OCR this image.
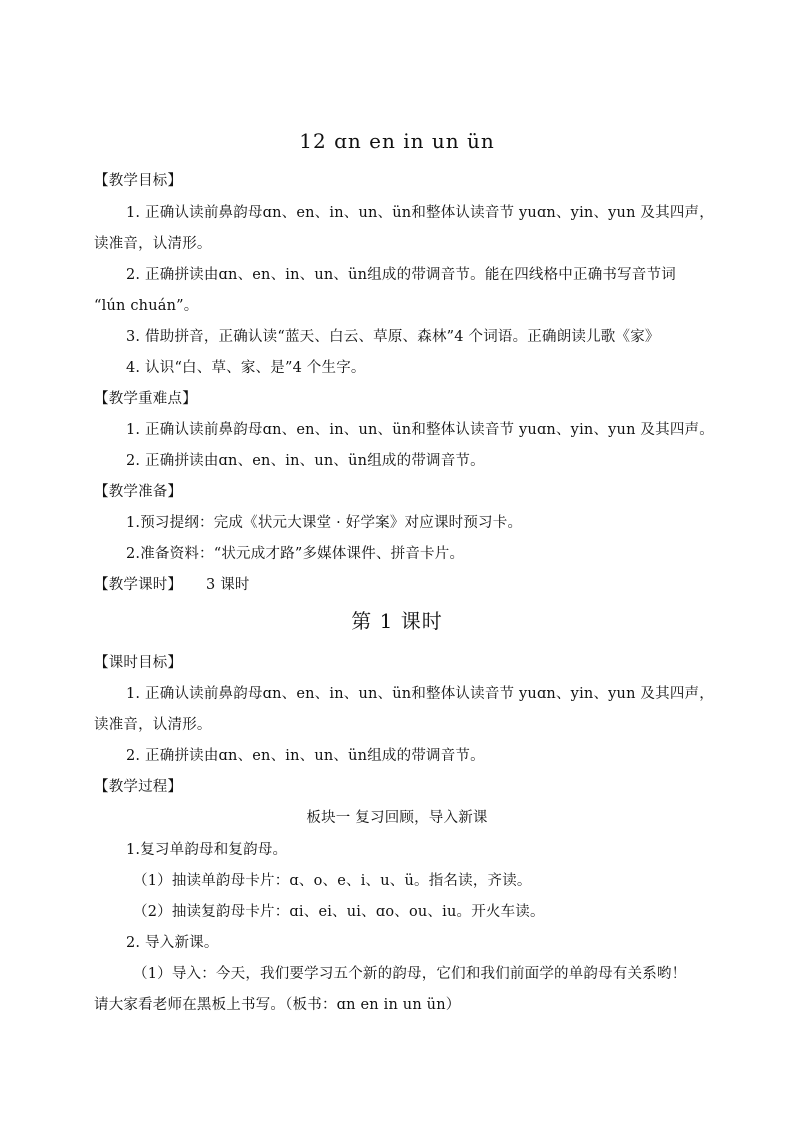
12 ɑn en in un ün
【教学目标】
1. 正确认读前鼻韵母ɑn、en、in、un、ün和整体认读音节 yuɑn、yin、yun 及其四声，
读准音，认清形。
2. 正确拼读由ɑn、en、in、un、ün组成的带调音节。能在四线格中正确书写音节词
“lún chuán”。
3. 借助拼音，正确认读“蓝天、白云、草原、森林”4 个词语。正确朗读儿歌《家》
4. 认识“白、草、家、是”4 个生字。
【教学重难点】
1. 正确认读前鼻韵母ɑn、en、in、un、ün和整体认读音节 yuɑn、yin、yun 及其四声。
2. 正确拼读由ɑn、en、in、un、ün组成的带调音节。
【教学准备】
1.预习提纲：完成《状元大课堂 · 好学案》对应课时预习卡。
2.准备资料：“状元成才路”多媒体课件、拼音卡片。
【教学课时】 3 课时
第 1 课时
【课时目标】
1. 正确认读前鼻韵母ɑn、en、in、un、ün和整体认读音节 yuɑn、yin、yun 及其四声，
读准音，认清形。
2. 正确拼读由ɑn、en、in、un、ün组成的带调音节。
【教学过程】
板块一 复习回顾，导入新课
1.复习单韵母和复韵母。
（1）抽读单韵母卡片：ɑ、o、e、i、u、ü。指名读，齐读。
（2）抽读复韵母卡片：ɑi、ei、ui、ɑo、ou、iu。开火车读。
2. 导入新课。
（1）导入：今天，我们要学习五个新的韵母，它们和我们前面学的单韵母有关系哟！
请大家看老师在黑板上书写。（板书：ɑn en in un ün）
